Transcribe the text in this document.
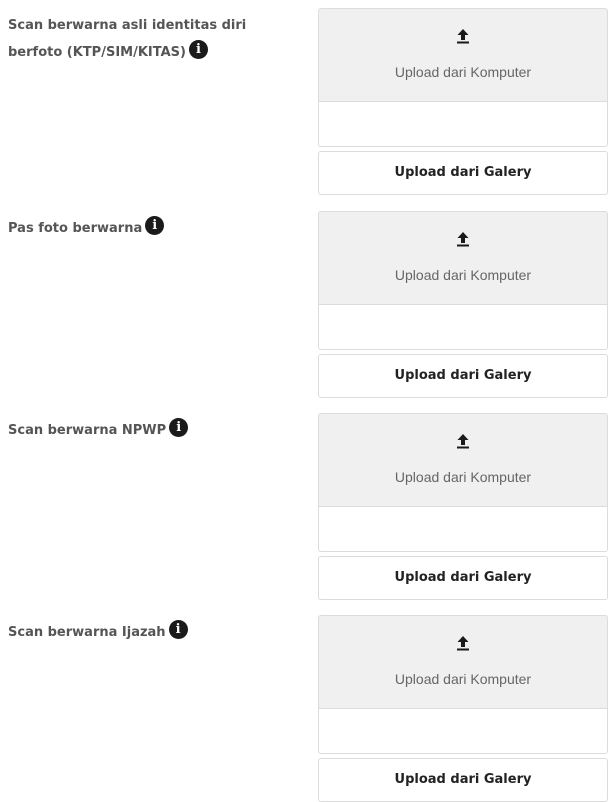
Scan berwarna asli identitas diri berfoto (KTP/SIM/KITAS) i
Upload dari Komputer
Upload dari Galery
Pas foto berwarna i
Upload dari Komputer
Upload dari Galery
Scan berwarna NPWP i
Upload dari Komputer
Upload dari Galery
Scan berwarna Ijazah i
Upload dari Komputer
Upload dari Galery
